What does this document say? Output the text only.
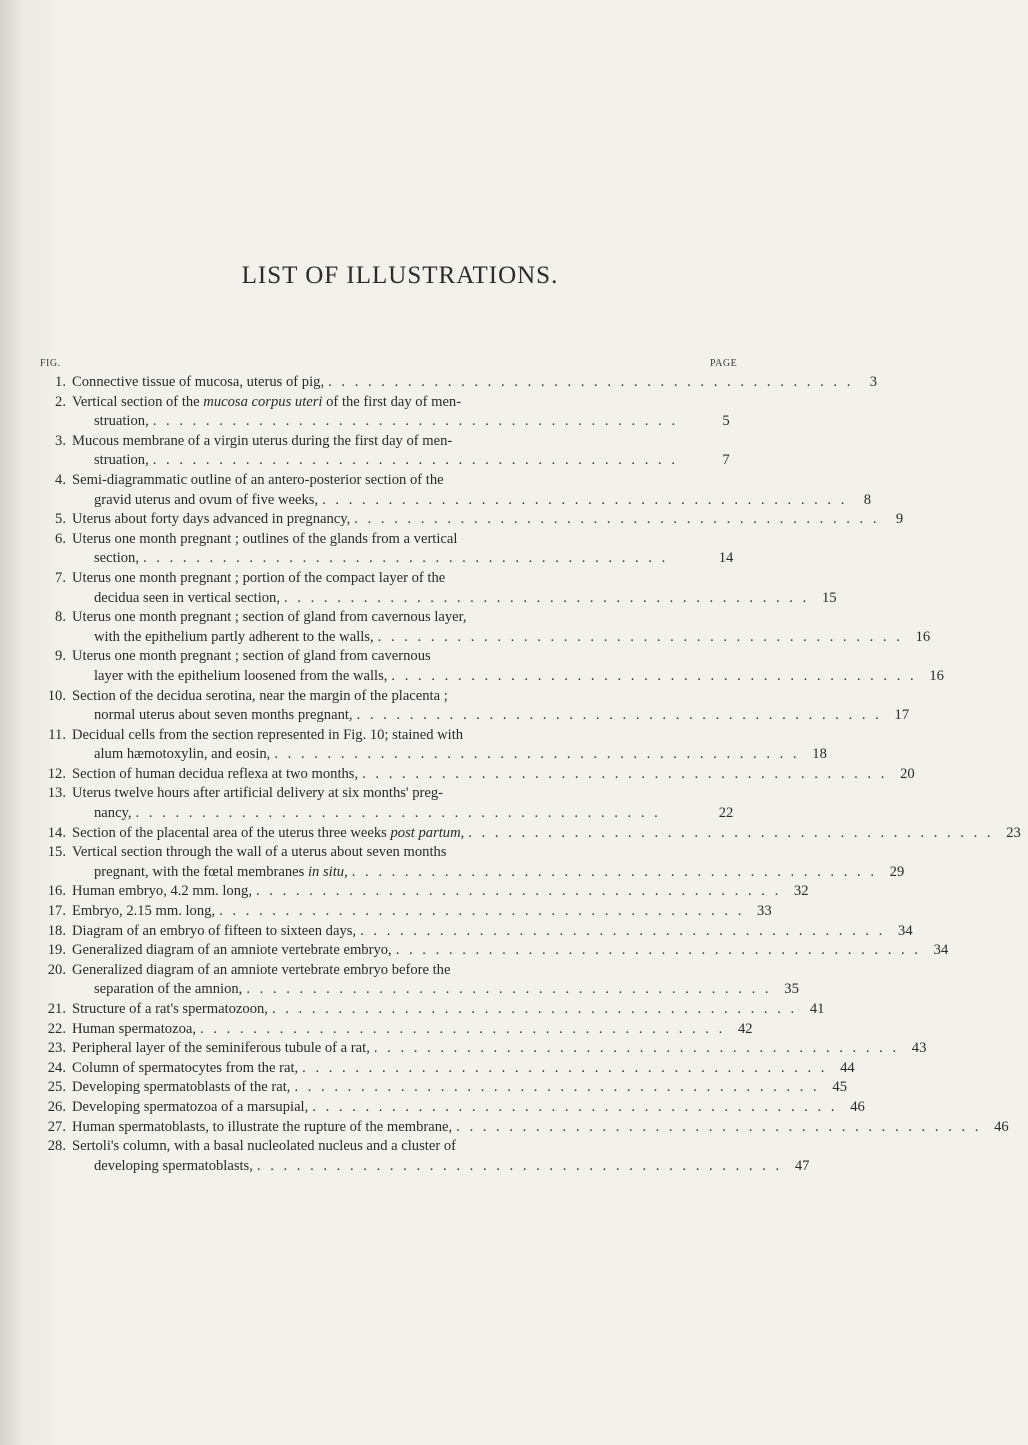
LIST OF ILLUSTRATIONS.
FIG.	PAGE
1. Connective tissue of mucosa, uterus of pig, . . . . . . . . . . . . . . . . . . . . . . . . . . . . . . . . . . . . . . . .	3
2. Vertical section of the mucosa corpus uteri of the first day of men-
struation, . . . . . . . . . . . . . . . . . . . . . . . . . . . . . . . . . . . . . . . .	5
3. Mucous membrane of a virgin uterus during the first day of men-
struation, . . . . . . . . . . . . . . . . . . . . . . . . . . . . . . . . . . . . . . . .	7
4. Semi-diagrammatic outline of an antero-posterior section of the
gravid uterus and ovum of five weeks, . . . . . . . . . . . . . . . . . . . . . . . . . . . . . . . . . . . . . . . .	8
5. Uterus about forty days advanced in pregnancy, . . . . . . . . . . . . . . . . . . . . . . . . . . . . . . . . . . . . . . . .	9
6. Uterus one month pregnant ; outlines of the glands from a vertical
section, . . . . . . . . . . . . . . . . . . . . . . . . . . . . . . . . . . . . . . . .	14
7. Uterus one month pregnant ; portion of the compact layer of the
decidua seen in vertical section, . . . . . . . . . . . . . . . . . . . . . . . . . . . . . . . . . . . . . . . . 15
8. Uterus one month pregnant ; section of gland from cavernous layer,
with the epithelium partly adherent to the walls, . . . . . . . . . . . . . . . . . . . . . . . . . . . . . . . . . . . . . . . . 16
9. Uterus one month pregnant ; section of gland from cavernous
layer with the epithelium loosened from the walls, . . . . . . . . . . . . . . . . . . . . . . . . . . . . . . . . . . . . . . . . 16
10. Section of the decidua serotina, near the margin of the placenta ;
normal uterus about seven months pregnant, . . . . . . . . . . . . . . . . . . . . . . . . . . . . . . . . . . . . . . . . 17
11. Decidual cells from the section represented in Fig. 10; stained with
alum hæmotoxylin, and eosin, . . . . . . . . . . . . . . . . . . . . . . . . . . . . . . . . . . . . . . . . 18
12. Section of human decidua reflexa at two months, . . . . . . . . . . . . . . . . . . . . . . . . . . . . . . . . . . . . . . . . 20
13. Uterus twelve hours after artificial delivery at six months' preg-
nancy, . . . . . . . . . . . . . . . . . . . . . . . . . . . . . . . . . . . . . . . .	22
14. Section of the placental area of the uterus three weeks post partum, . . . . . . . . . . . . . . . . . . . . . . . . . . . . . . . . . . . . . . . . 23
15. Vertical section through the wall of a uterus about seven months
pregnant, with the fœtal membranes in situ, . . . . . . . . . . . . . . . . . . . . . . . . . . . . . . . . . . . . . . . . 29
16. Human embryo, 4.2 mm. long, . . . . . . . . . . . . . . . . . . . . . . . . . . . . . . . . . . . . . . . . 32
17. Embryo, 2.15 mm. long, . . . . . . . . . . . . . . . . . . . . . . . . . . . . . . . . . . . . . . . . 33
18. Diagram of an embryo of fifteen to sixteen days, . . . . . . . . . . . . . . . . . . . . . . . . . . . . . . . . . . . . . . . . 34
19. Generalized diagram of an amniote vertebrate embryo, . . . . . . . . . . . . . . . . . . . . . . . . . . . . . . . . . . . . . . . . 34
20. Generalized diagram of an amniote vertebrate embryo before the
separation of the amnion, . . . . . . . . . . . . . . . . . . . . . . . . . . . . . . . . . . . . . . . . 35
21. Structure of a rat's spermatozoon, . . . . . . . . . . . . . . . . . . . . . . . . . . . . . . . . . . . . . . . . 41
22. Human spermatozoa, . . . . . . . . . . . . . . . . . . . . . . . . . . . . . . . . . . . . . . . . 42
23. Peripheral layer of the seminiferous tubule of a rat, . . . . . . . . . . . . . . . . . . . . . . . . . . . . . . . . . . . . . . . . 43
24. Column of spermatocytes from the rat, . . . . . . . . . . . . . . . . . . . . . . . . . . . . . . . . . . . . . . . . 44
25. Developing spermatoblasts of the rat, . . . . . . . . . . . . . . . . . . . . . . . . . . . . . . . . . . . . . . . . 45
26. Developing spermatozoa of a marsupial, . . . . . . . . . . . . . . . . . . . . . . . . . . . . . . . . . . . . . . . . 46
27. Human spermatoblasts, to illustrate the rupture of the membrane, . . . . . . . . . . . . . . . . . . . . . . . . . . . . . . . . . . . . . . . . 46
28. Sertoli's column, with a basal nucleolated nucleus and a cluster of
developing spermatoblasts, . . . . . . . . . . . . . . . . . . . . . . . . . . . . . . . . . . . . . . . . 47
